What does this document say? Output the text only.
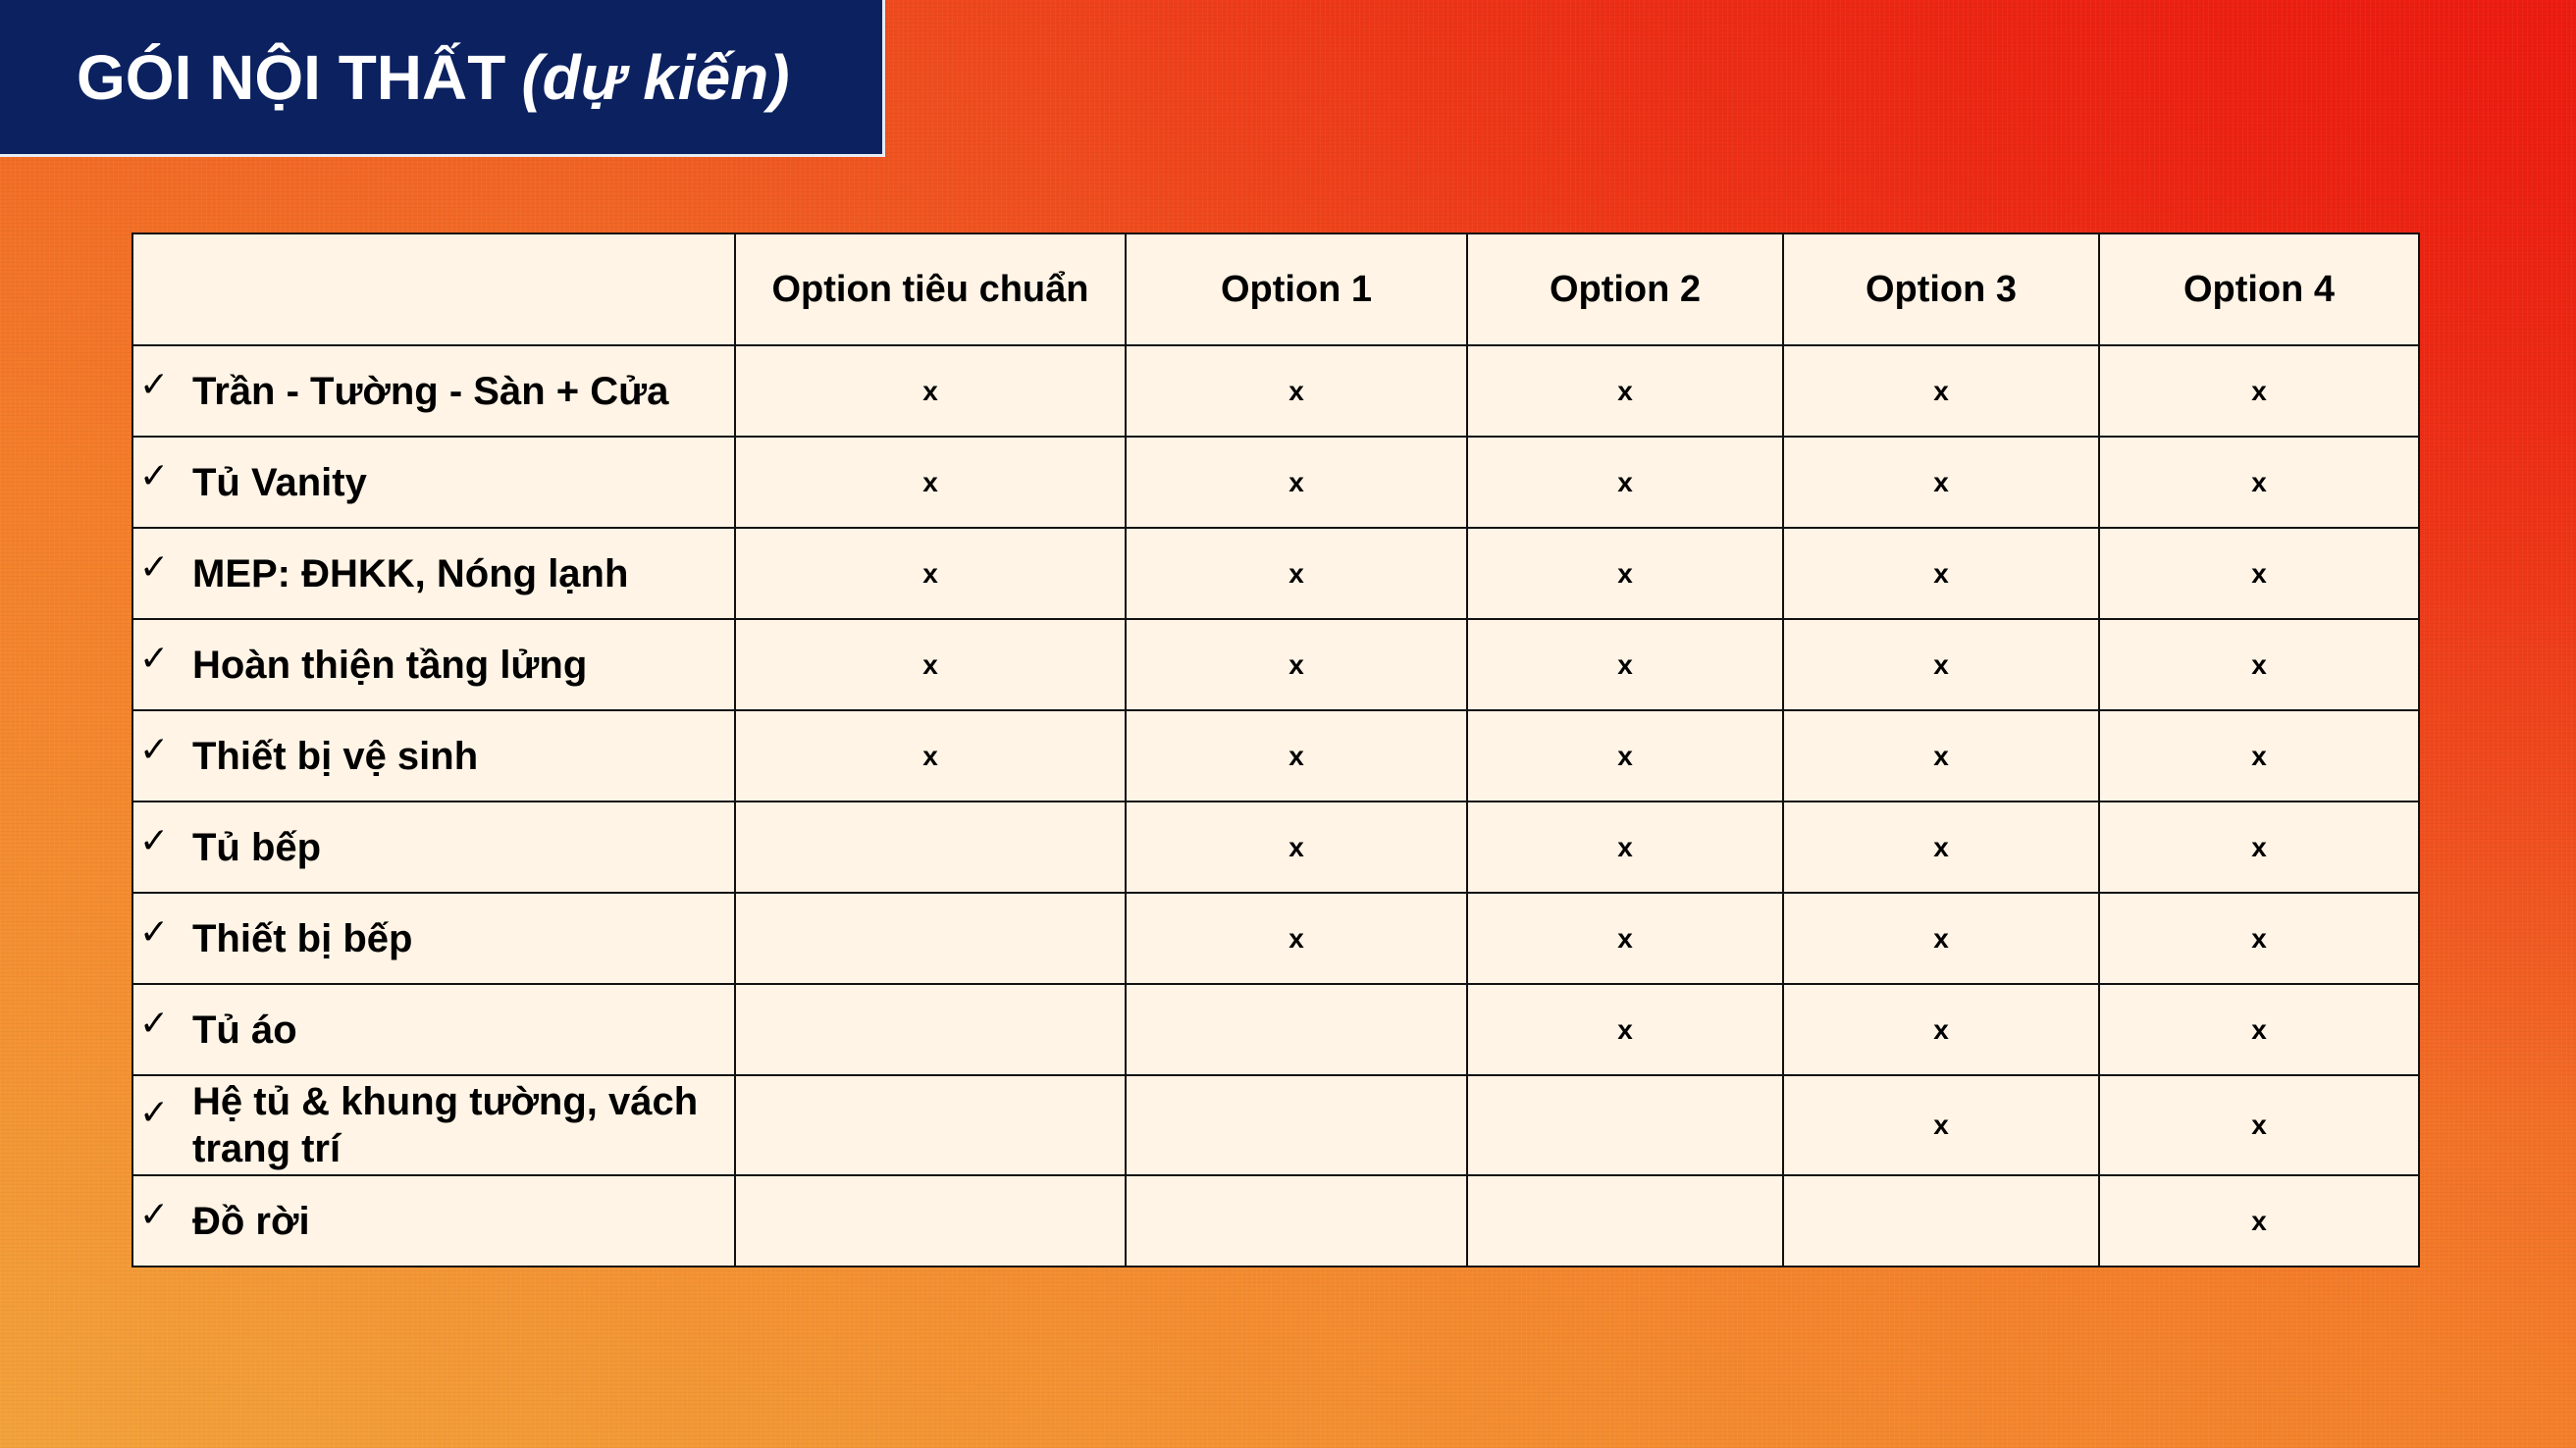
GÓI NỘI THẤT (dự kiến)
	Option tiêu chuẩn	Option 1	Option 2	Option 3	Option 4

✓ Trần - Tường - Sàn + Cửa	x	x	x	x	x

✓ Tủ Vanity	x	x	x	x	x

✓ MEP: ĐHKK, Nóng lạnh	x	x	x	x	x

✓ Hoàn thiện tầng lửng	x	x	x	x	x

✓ Thiết bị vệ sinh	x	x	x	x	x

✓ Tủ bếp		x	x	x	x

✓ Thiết bị bếp		x	x	x	x

✓ Tủ áo			x	x	x

✓ Hệ tủ & khung tường, vách trang trí				x	x

✓ Đồ rời					x
